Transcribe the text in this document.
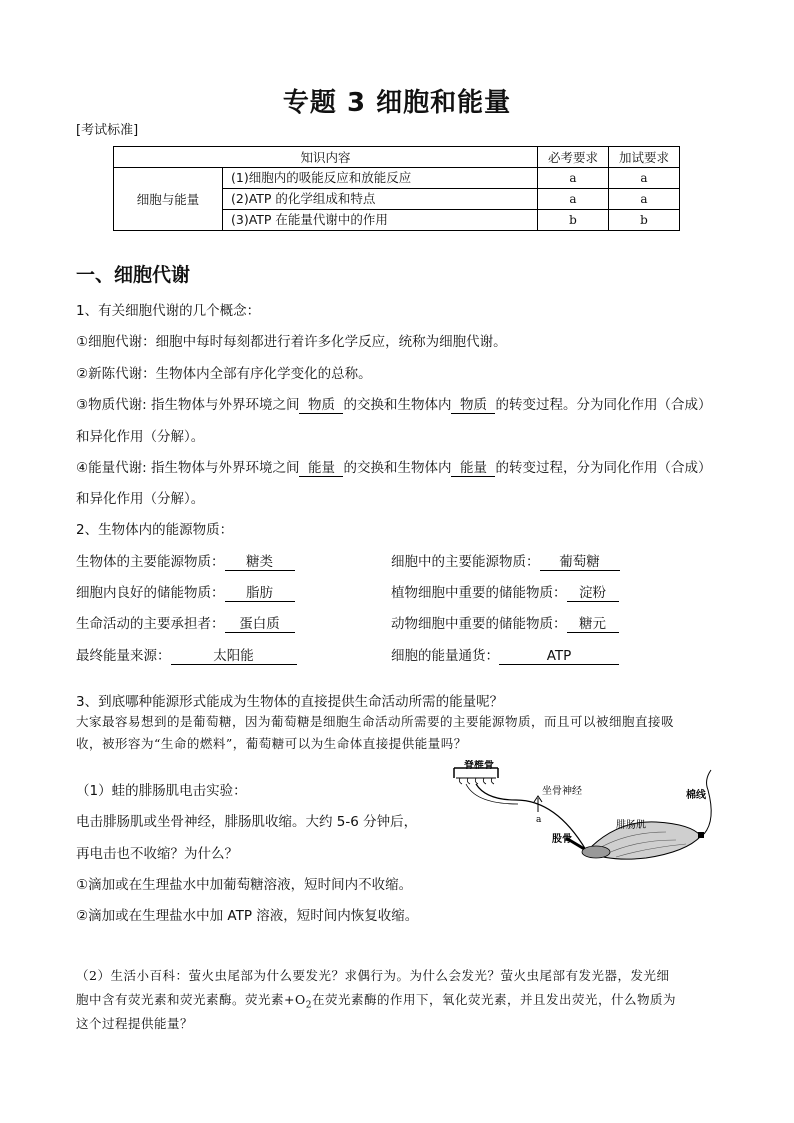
专题 3 细胞和能量
[考试标准]
知识内容		必考要求	加试要求
细胞与能量	(1)细胞内的吸能反应和放能反应	a	a
	(2)ATP 的化学组成和特点	a	a
	(3)ATP 在能量代谢中的作用	b	b
一、细胞代谢
1、有关细胞代谢的几个概念：
①细胞代谢：细胞中每时每刻都进行着许多化学反应，统称为细胞代谢。
②新陈代谢：生物体内全部有序化学变化的总称。
③物质代谢: 指生物体与外界环境之间 物质 的交换和生物体内 物质 的转变过程。分为同化作用（合成）
和异化作用（分解）。
④能量代谢: 指生物体与外界环境之间 能量 的交换和生物体内 能量 的转变过程，分为同化作用（合成）
和异化作用（分解）。
2、生物体内的能源物质：
生物体的主要能源物质： 糖类	细胞中的主要能源物质： 葡萄糖
细胞内良好的储能物质： 脂肪	植物细胞中重要的储能物质： 淀粉
生命活动的主要承担者： 蛋白质	动物细胞中重要的储能物质： 糖元
最终能量来源：	太阳能	细胞的能量通货：	ATP
3、到底哪种能源形式能成为生物体的直接提供生命活动所需的能量呢？
大家最容易想到的是葡萄糖，因为葡萄糖是细胞生命活动所需要的主要能源物质，而且可以被细胞直接吸
收，被形容为“生命的燃料”，葡萄糖可以为生命体直接提供能量吗？
（1）蛙的腓肠肌电击实验：
电击腓肠肌或坐骨神经，腓肠肌收缩。大约 5-6 分钟后，
再电击也不收缩？为什么？
①滴加或在生理盐水中加葡萄糖溶液，短时间内不收缩。
②滴加或在生理盐水中加 ATP 溶液，短时间内恢复收缩。
脊椎骨
坐骨神经	棉线
a	腓肠肌
股骨
（2）生活小百科：萤火虫尾部为什么要发光？求偶行为。为什么会发光？萤火虫尾部有发光器，发光细
胞中含有荧光素和荧光素酶。荧光素$+O_2$在荧光素酶的作用下，氧化荧光素，并且发出荧光，什么物质为
这个过程提供能量？
